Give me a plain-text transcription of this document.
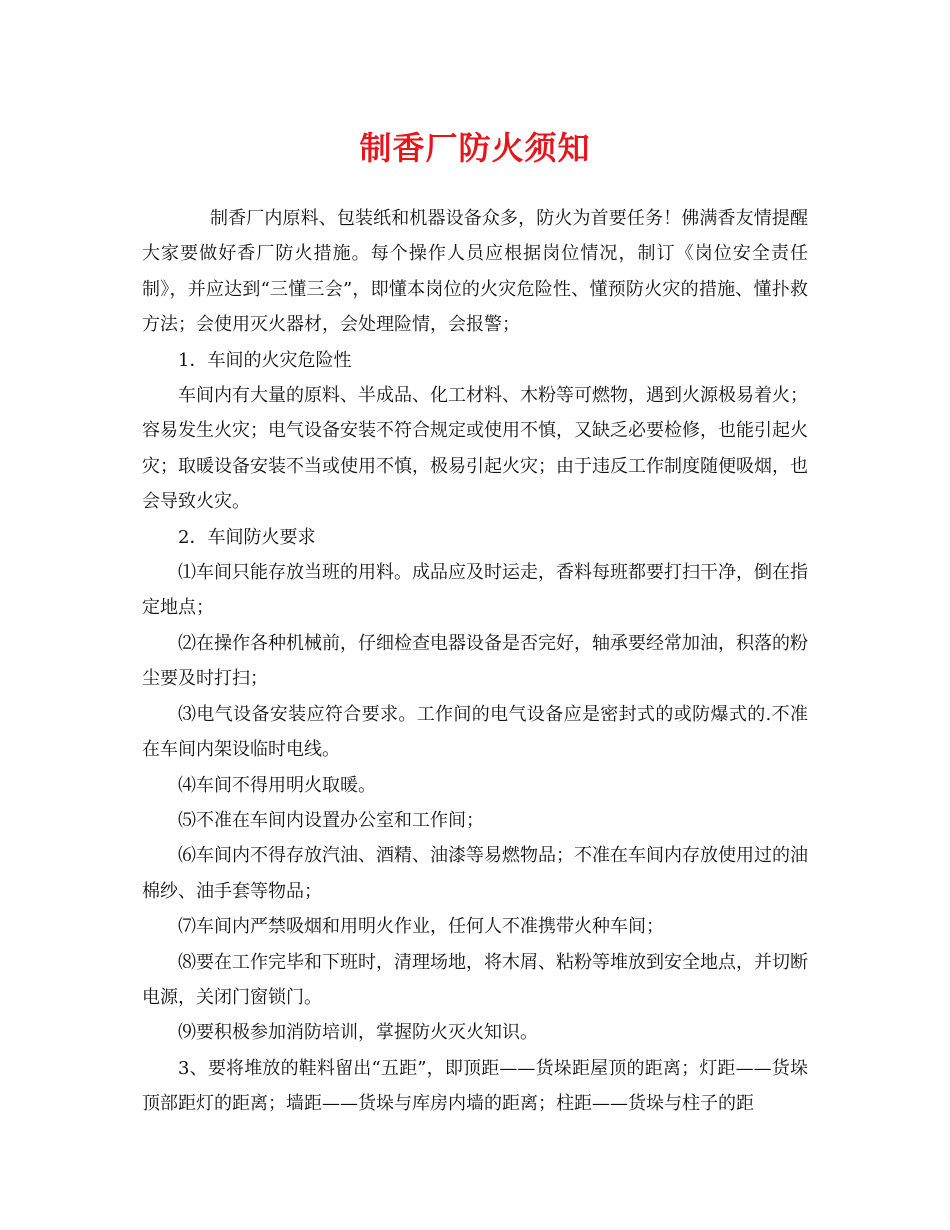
制香厂防火须知

制香厂内原料、包装纸和机器设备众多，防火为首要任务！佛满香友情提醒大家要做好香厂防火措施。每个操作人员应根据岗位情况，制订《岗位安全责任制》，并应达到“三懂三会”，即懂本岗位的火灾危险性、懂预防火灾的措施、懂扑救方法；会使用灭火器材，会处理险情，会报警；

1．车间的火灾危险性

车间内有大量的原料、半成品、化工材料、木粉等可燃物，遇到火源极易着火；容易发生火灾；电气设备安装不符合规定或使用不慎，又缺乏必要检修，也能引起火灾；取暖设备安装不当或使用不慎，极易引起火灾；由于违反工作制度随便吸烟，也会导致火灾。

2．车间防火要求

⑴车间只能存放当班的用料。成品应及时运走，香料每班都要打扫干净，倒在指定地点；

⑵在操作各种机械前，仔细检查电器设备是否完好，轴承要经常加油，积落的粉尘要及时打扫；

⑶电气设备安装应符合要求。工作间的电气设备应是密封式的或防爆式的.不准在车间内架设临时电线。

⑷车间不得用明火取暖。

⑸不准在车间内设置办公室和工作间；

⑹车间内不得存放汽油、酒精、油漆等易燃物品；不准在车间内存放使用过的油棉纱、油手套等物品；

⑺车间内严禁吸烟和用明火作业，任何人不准携带火种车间；

⑻要在工作完毕和下班时，清理场地，将木屑、粘粉等堆放到安全地点，并切断电源，关闭门窗锁门。

⑼要积极参加消防培训，掌握防火灭火知识。

3、要将堆放的鞋料留出“五距”，即顶距——货垛距屋顶的距离；灯距——货垛顶部距灯的距离；墙距——货垛与库房内墙的距离；柱距——货垛与柱子的距
